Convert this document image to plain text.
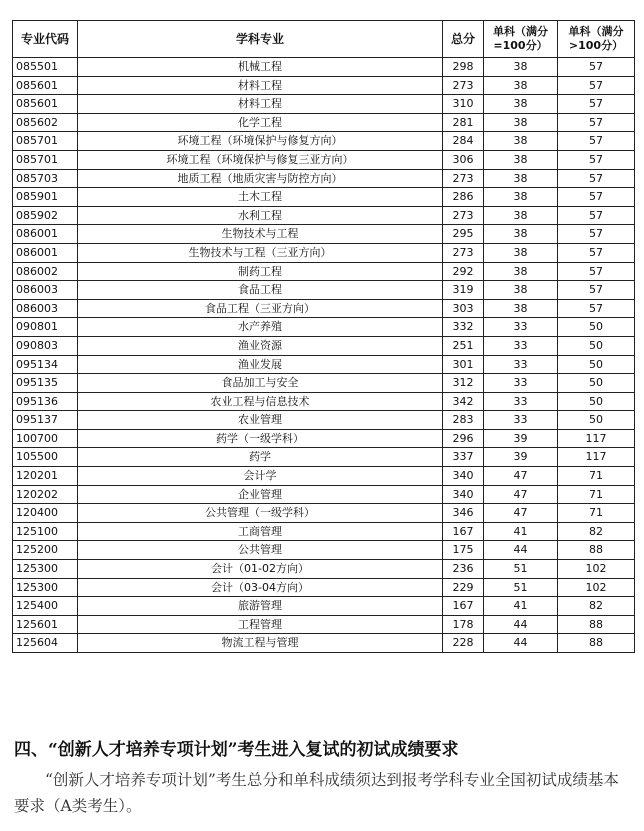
专业代码	学科专业	总分	单科（满分=100分）	单科（满分>100分）
085501	机械工程	298	38	57
085601	材料工程	273	38	57
085601	材料工程	310	38	57
085602	化学工程	281	38	57
085701	环境工程（环境保护与修复方向）	284	38	57
085701	环境工程（环境保护与修复三亚方向）	306	38	57
085703	地质工程（地质灾害与防控方向）	273	38	57
085901	土木工程	286	38	57
085902	水利工程	273	38	57
086001	生物技术与工程	295	38	57
086001	生物技术与工程（三亚方向）	273	38	57
086002	制药工程	292	38	57
086003	食品工程	319	38	57
086003	食品工程（三亚方向）	303	38	57
090801	水产养殖	332	33	50
090803	渔业资源	251	33	50
095134	渔业发展	301	33	50
095135	食品加工与安全	312	33	50
095136	农业工程与信息技术	342	33	50
095137	农业管理	283	33	50
100700	药学（一级学科）	296	39	117
105500	药学	337	39	117
120201	会计学	340	47	71
120202	企业管理	340	47	71
120400	公共管理（一级学科）	346	47	71
125100	工商管理	167	41	82
125200	公共管理	175	44	88
125300	会计（01-02方向）	236	51	102
125300	会计（03-04方向）	229	51	102
125400	旅游管理	167	41	82
125601	工程管理	178	44	88
125604	物流工程与管理	228	44	88
四、“创新人才培养专项计划”考生进入复试的初试成绩要求

“创新人才培养专项计划”考生总分和单科成绩须达到报考学科专业全国初试成绩基本要求（A类考生）。
